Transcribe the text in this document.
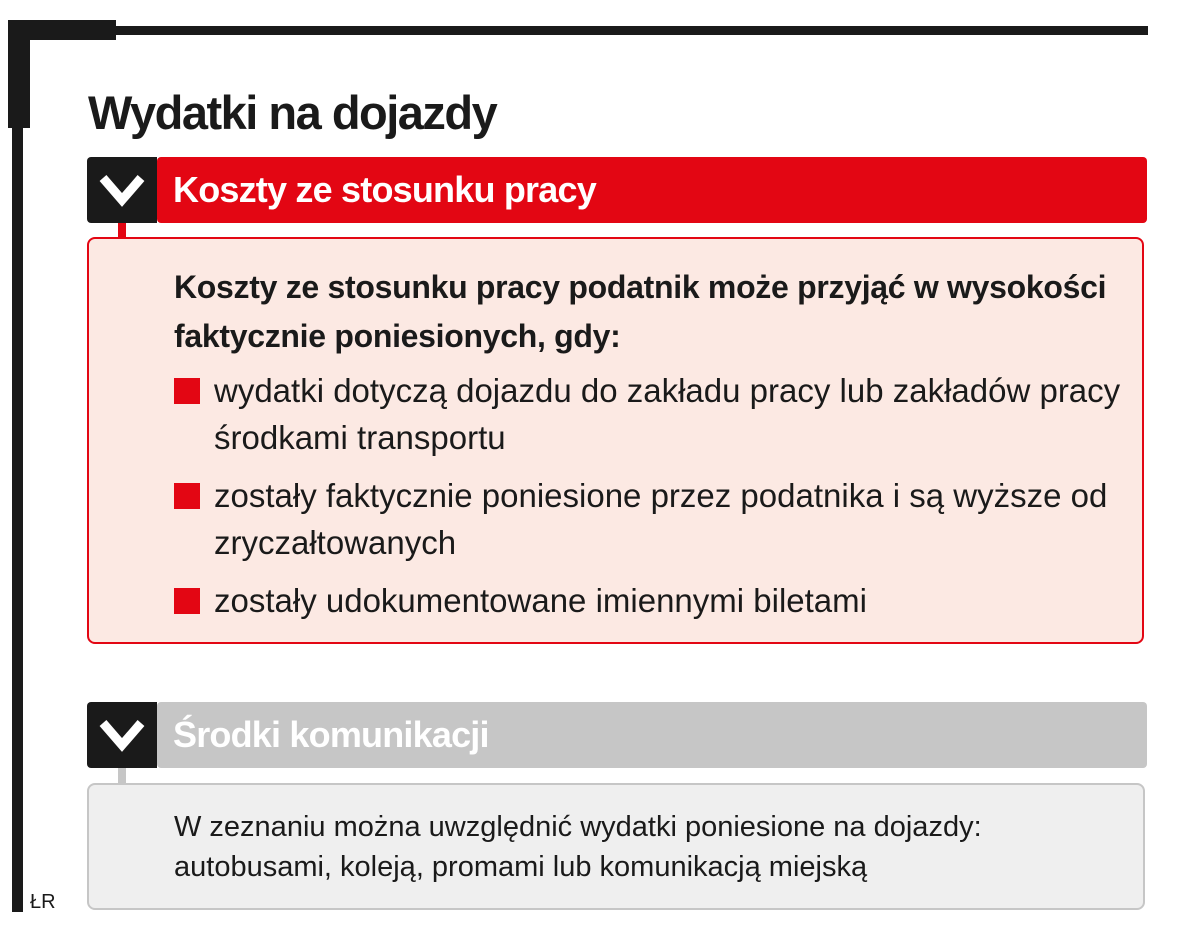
Wydatki na dojazdy
Koszty ze stosunku pracy

Koszty ze stosunku pracy podatnik może przyjąć w wysokości faktycznie poniesionych, gdy:

wydatki dotyczą dojazdu do zakładu pracy lub zakładów pracy środkami transportu
zostały faktycznie poniesione przez podatnika i są wyższe od zryczałtowanych
zostały udokumentowane imiennymi biletami
Środki komunikacji

W zeznaniu można uwzględnić wydatki poniesione na dojazdy: autobusami, koleją, promami lub komunikacją miejską

ŁR
